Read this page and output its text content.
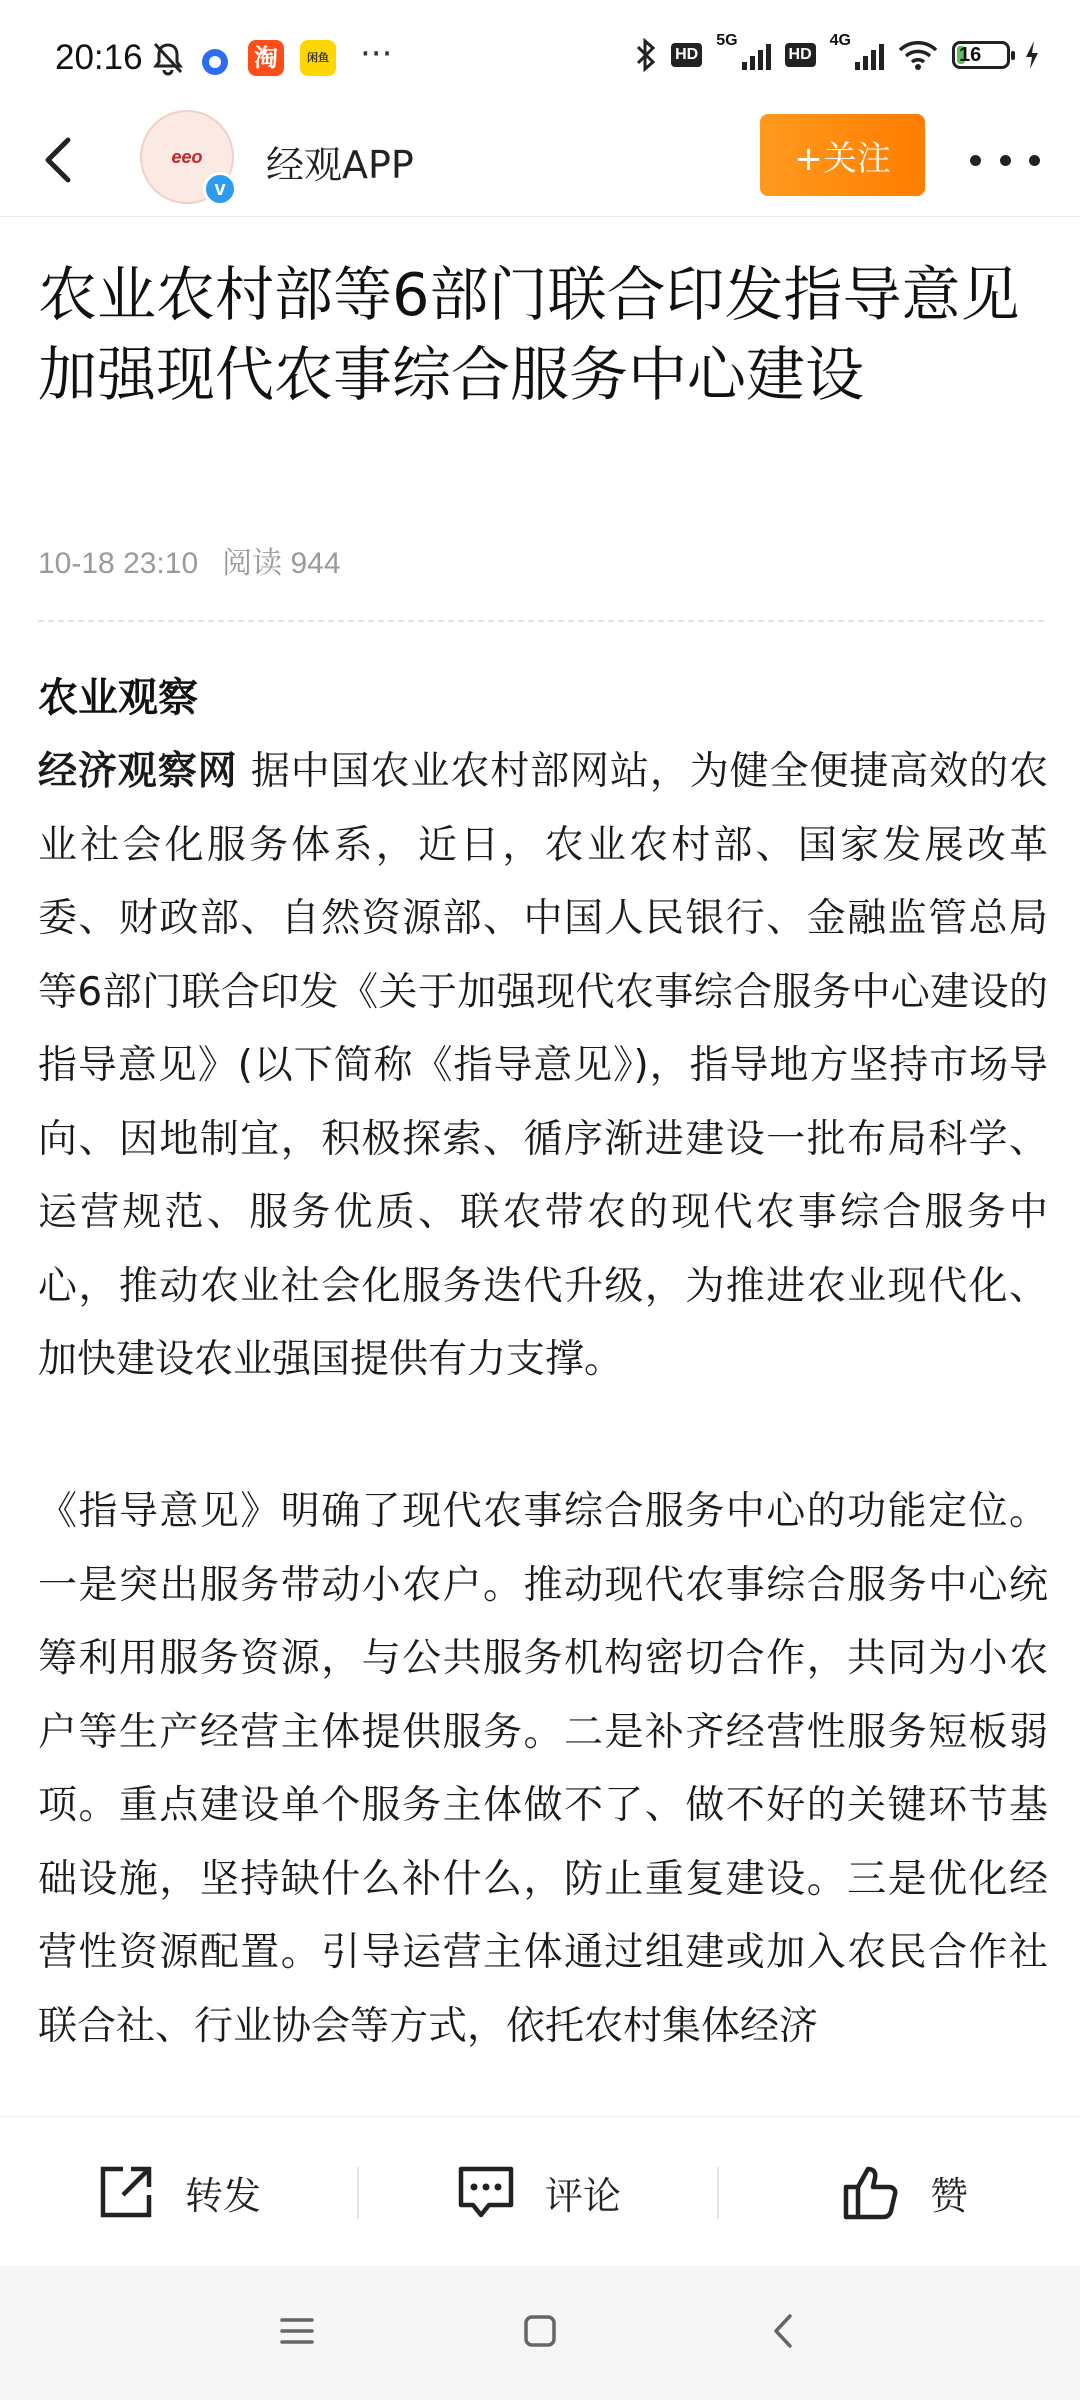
20:16	淘	闲鱼 ···	HD
5G
HD
4G
16
eeo
v
经观APP	+关注
农业农村部等6部门联合印发指导意见加强现代农事综合服务中心建设
10-18 23:10 阅读 944
农业观察

经济观察网 据中国农业农村部网站，为健全便捷高效的农业社会化服务体系，近日，农业农村部、国家发展改革委、财政部、自然资源部、中国人民银行、金融监管总局等6部门联合印发《关于加强现代农事综合服务中心建设的指导意见》(以下简称《指导意见》)，指导地方坚持市场导向、因地制宜，积极探索、循序渐进建设一批布局科学、运营规范、服务优质、联农带农的现代农事综合服务中心，推动农业社会化服务迭代升级，为推进农业现代化、加快建设农业强国提供有力支撑。

《指导意见》明确了现代农事综合服务中心的功能定位。一是突出服务带动小农户。推动现代农事综合服务中心统筹利用服务资源，与公共服务机构密切合作，共同为小农户等生产经营主体提供服务。二是补齐经营性服务短板弱项。重点建设单个服务主体做不了、做不好的关键环节基础设施，坚持缺什么补什么，防止重复建设。三是优化经营性资源配置。引导运营主体通过组建或加入农民合作社联合社、行业协会等方式，依托农村集体经济

转发	评论	赞
